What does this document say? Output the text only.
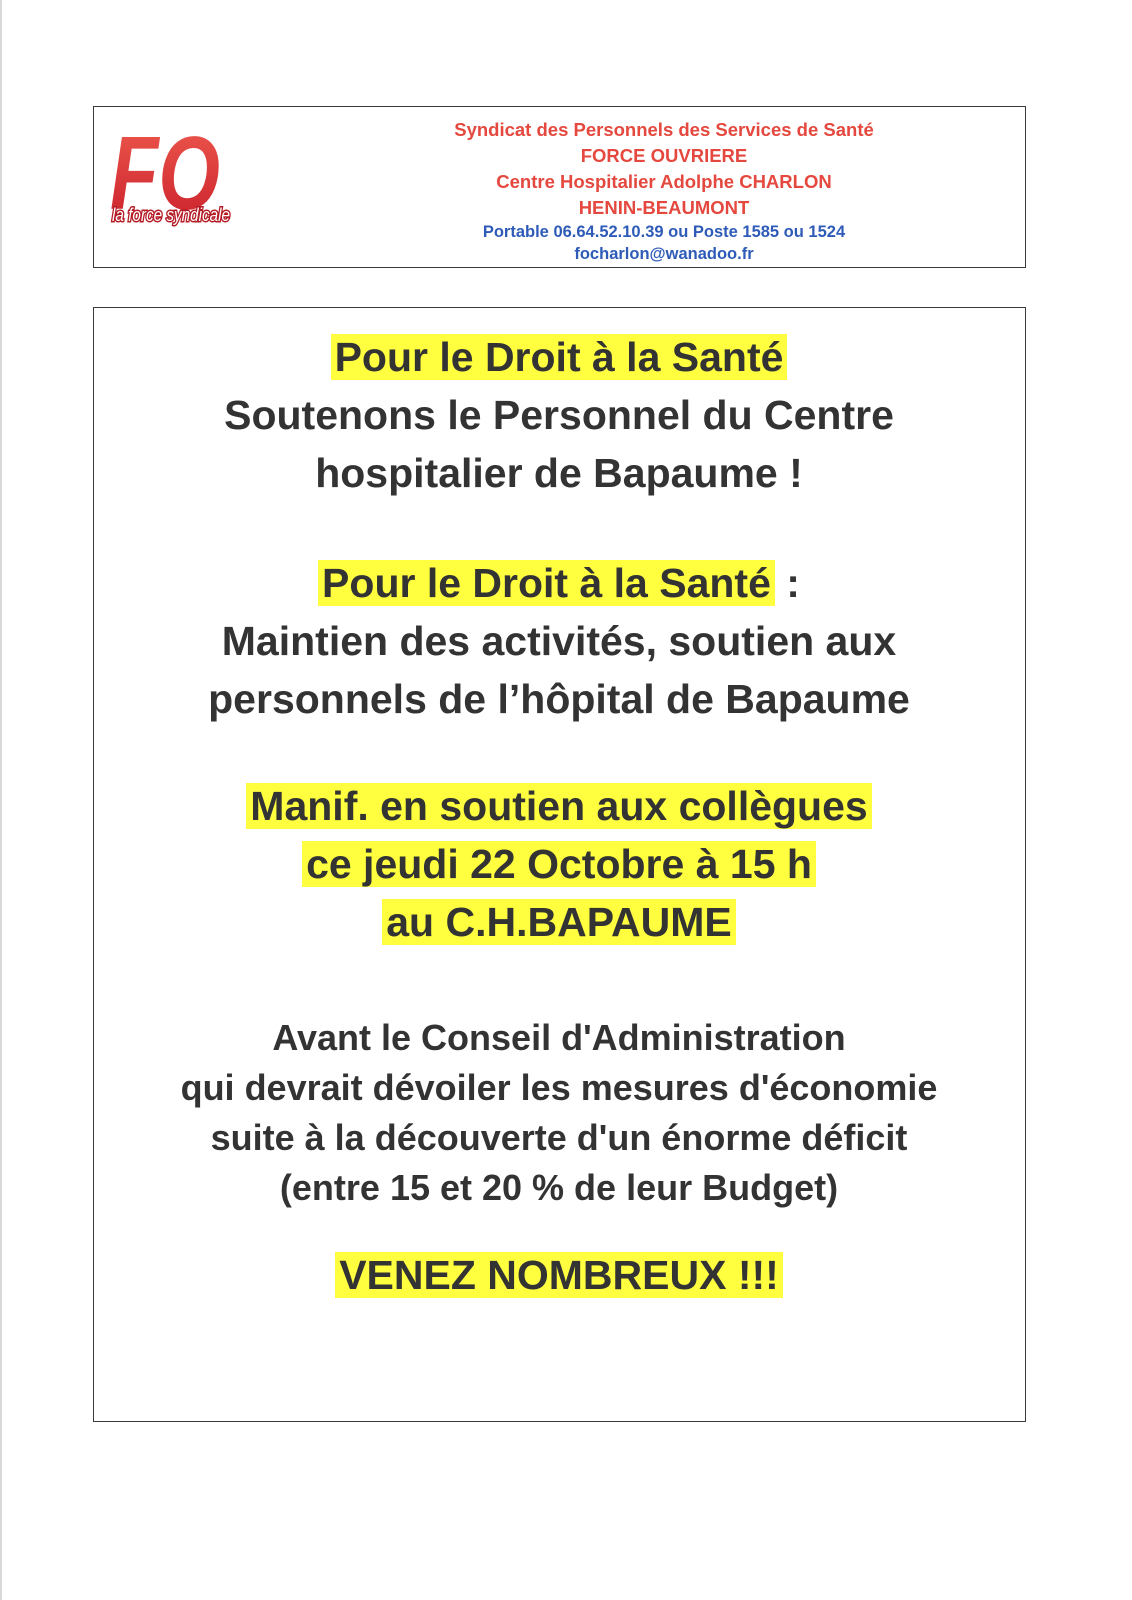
FO
la force syndicale
Syndicat des Personnels des Services de Santé
FORCE OUVRIERE
Centre Hospitalier Adolphe CHARLON
HENIN-BEAUMONT
Portable 06.64.52.10.39 ou Poste 1585 ou 1524
focharlon@wanadoo.fr
Pour le Droit à la Santé
Soutenons le Personnel du Centre
hospitalier de Bapaume !
Pour le Droit à la Santé :
Maintien des activités, soutien aux
personnels de l’hôpital de Bapaume
Manif. en soutien aux collègues
ce jeudi 22 Octobre à 15 h
au C.H.BAPAUME
Avant le Conseil d'Administration
qui devrait dévoiler les mesures d'économie
suite à la découverte d'un énorme déficit
(entre 15 et 20 % de leur Budget)
VENEZ NOMBREUX !!!
